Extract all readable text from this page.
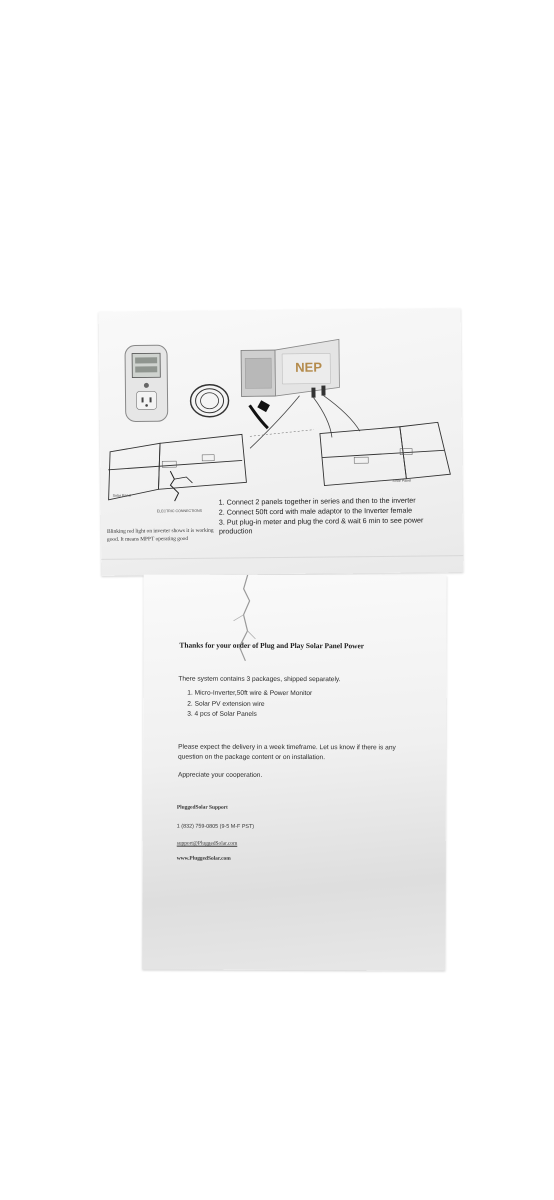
NEP
Solar Panel
Solar Panel
ELECTRIC CONNECTIONS
1. Connect 2 panels together in series and then to the inverter
2. Connect 50ft cord with male adaptor to the Inverter female
3. Put plug-in meter and plug the cord & wait 6 min to see power production
Blinking red light on inverter shows it is working good. It means MPPT operating good
Thanks for your order of Plug and Play Solar Panel Power
There system contains 3 packages, shipped separately.
1. Micro-Inverter,50ft wire & Power Monitor
2. Solar PV extension wire
3. 4 pcs of Solar Panels
Please expect the delivery in a week timeframe. Let us know if there is any question on the package content or on installation.
Appreciate your cooperation.
PluggedSolar Support
1 (832) 759-0805 (9-5 M-F PST)
support@PluggedSolar.com
www.PluggedSolar.com
